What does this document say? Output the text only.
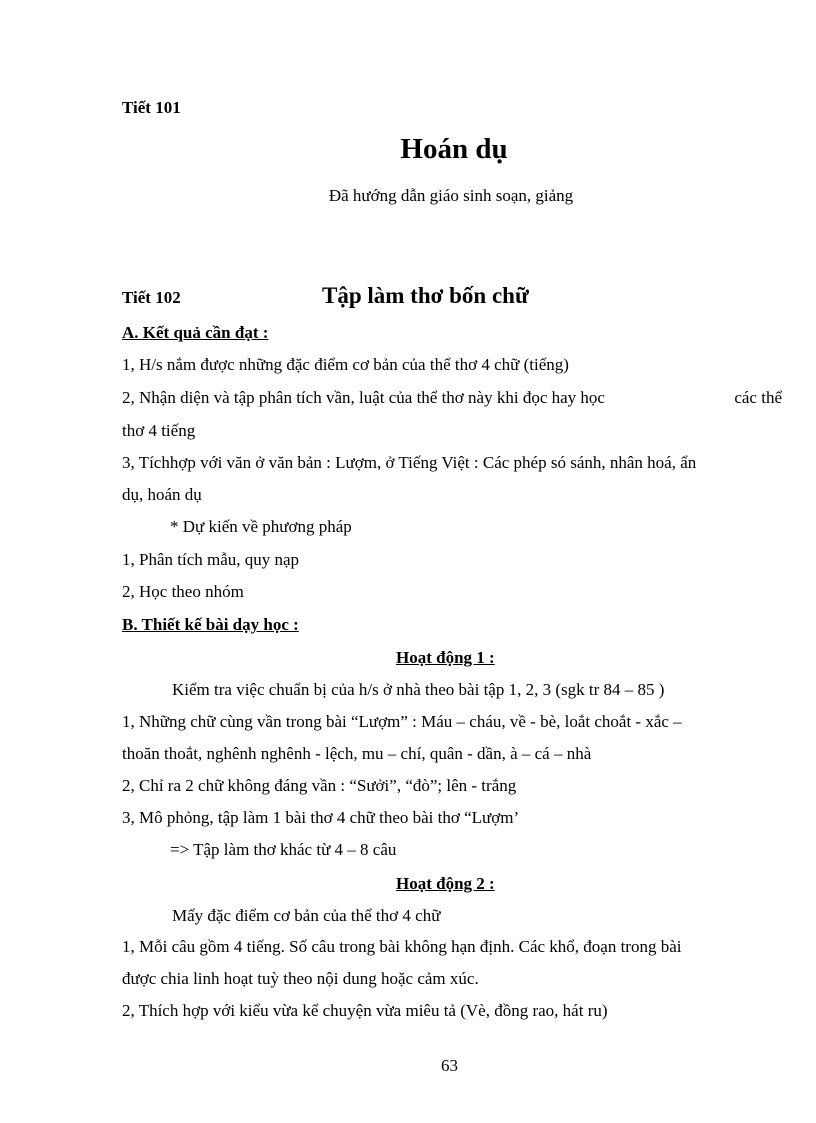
Tiết 101
Hoán dụ
Đã hướng dẫn giáo sinh soạn, giảng
Tiết 102	Tập làm thơ bốn chữ
A. Kết quả cần đạt :
1, H/s nắm được những đặc điểm cơ bản của thể thơ 4 chữ (tiếng)
2, Nhận diện và tập phân tích vần, luật của thể thơ này khi đọc hay học	các thể
thơ 4 tiếng
3, Tíchhợp với văn ở văn bản : Lượm, ở Tiếng Việt : Các phép só sánh, nhân hoá, ẩn
dụ, hoán dụ
* Dự kiến về phương pháp
1, Phân tích mẫu, quy nạp
2, Học theo nhóm
B. Thiết kế bài dạy học :
Hoạt động 1 :
Kiểm tra việc chuẩn bị của h/s ở nhà theo bài tập 1, 2, 3 (sgk tr 84 – 85 )
1, Những chữ cùng vần trong bài “Lượm” : Máu – cháu, về - bè, loắt choắt - xắc –
thoăn thoắt, nghênh nghênh - lệch, mu – chí, quân - dần, à – cá – nhà
2, Chỉ ra 2 chữ không đáng vần : “Sưởi”, “đò”; lên - trắng
3, Mô phỏng, tập làm 1 bài thơ 4 chữ theo bài thơ “Lượm’
=> Tập làm thơ khác từ 4 – 8 câu
Hoạt động 2 :
Mấy đặc điểm cơ bản của thể thơ 4 chữ
1, Mỗi câu gồm 4 tiếng. Số câu trong bài không hạn định. Các khổ, đoạn trong bài
được chia linh hoạt tuỳ theo nội dung hoặc cảm xúc.
2, Thích hợp với kiểu vừa kể chuyện vừa miêu tả (Vè, đồng rao, hát ru)
63
